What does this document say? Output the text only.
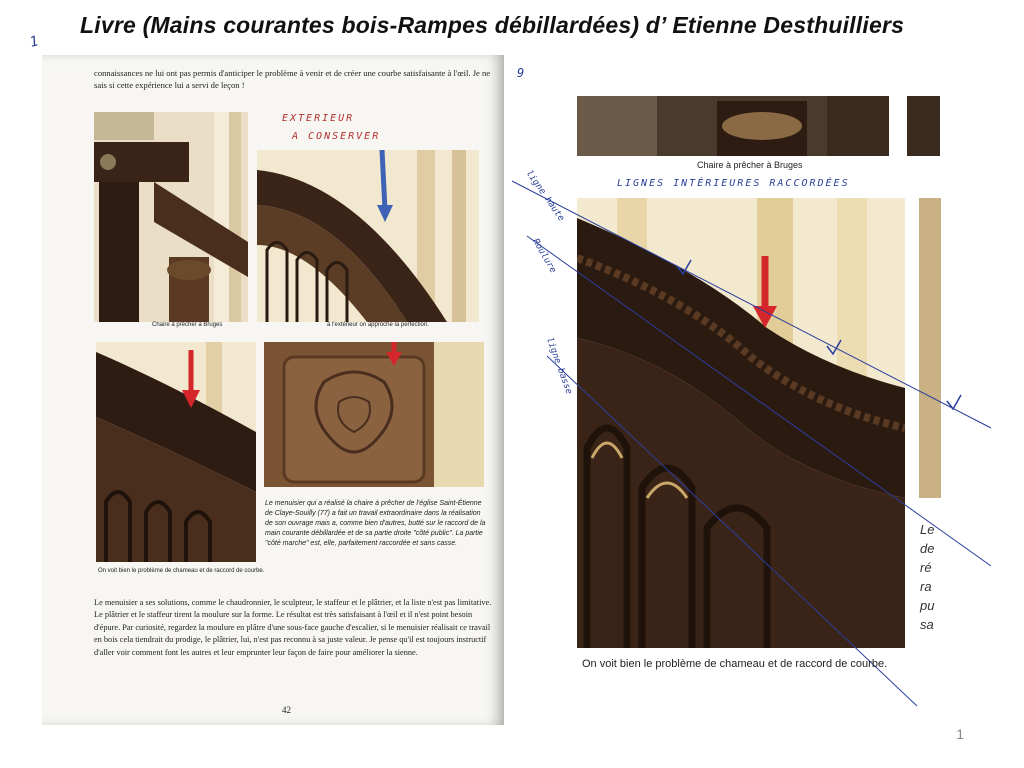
Livre (Mains courantes bois-Rampes débillardées) d’ Etienne Desthuilliers
1
connaissances ne lui ont pas permis d'anticiper le problème à venir et de créer une courbe satisfaisante à l'œil. Je ne sais si cette expérience lui a servi de leçon !
Chaire à prêcher à Bruges	à l'extérieur on approche la perfection.
EXTERIEUR
A CONSERVER
On voit bien le problème de chameau et de raccord de courbe.
Le menuisier qui a réalisé la chaire à prêcher de l'église Saint-Étienne de Claye-Souilly (77) a fait un travail extraordinaire dans la réalisation de son ouvrage mais a, comme bien d'autres, butté sur le raccord de la main courante débillardée et de sa partie droite "côté public". La partie "côté marche" est, elle, parfaitement raccordée et sans casse.
Le menuisier a ses solutions, comme le chaudronnier, le sculpteur, le staffeur et le plâtrier, et la liste n'est pas limitative. Le plâtrier et le staffeur tirent la moulure sur la forme. Le résultat est très satisfaisant à l'œil et il n'est point besoin d'épure. Par curiosité, regardez la moulure en plâtre d'une sous-face gauche d'escalier, si le menuisier réalisait ce travail en bois cela tiendrait du prodige, le plâtrier, lui, n'est pas reconnu à sa juste valeur. Je pense qu'il est toujours instructif d'aller voir comment font les autres et leur emprunter leur façon de faire pour améliorer la sienne.
42
9
Chaire à prêcher à Bruges
LIGNES INTÉRIEURES RACCORDÉES
ligne haute
Roulure
ligne basse
On voit bien le problème de chameau et de raccord de courbe.
Le
de
ré
ra
pu
sa
1
